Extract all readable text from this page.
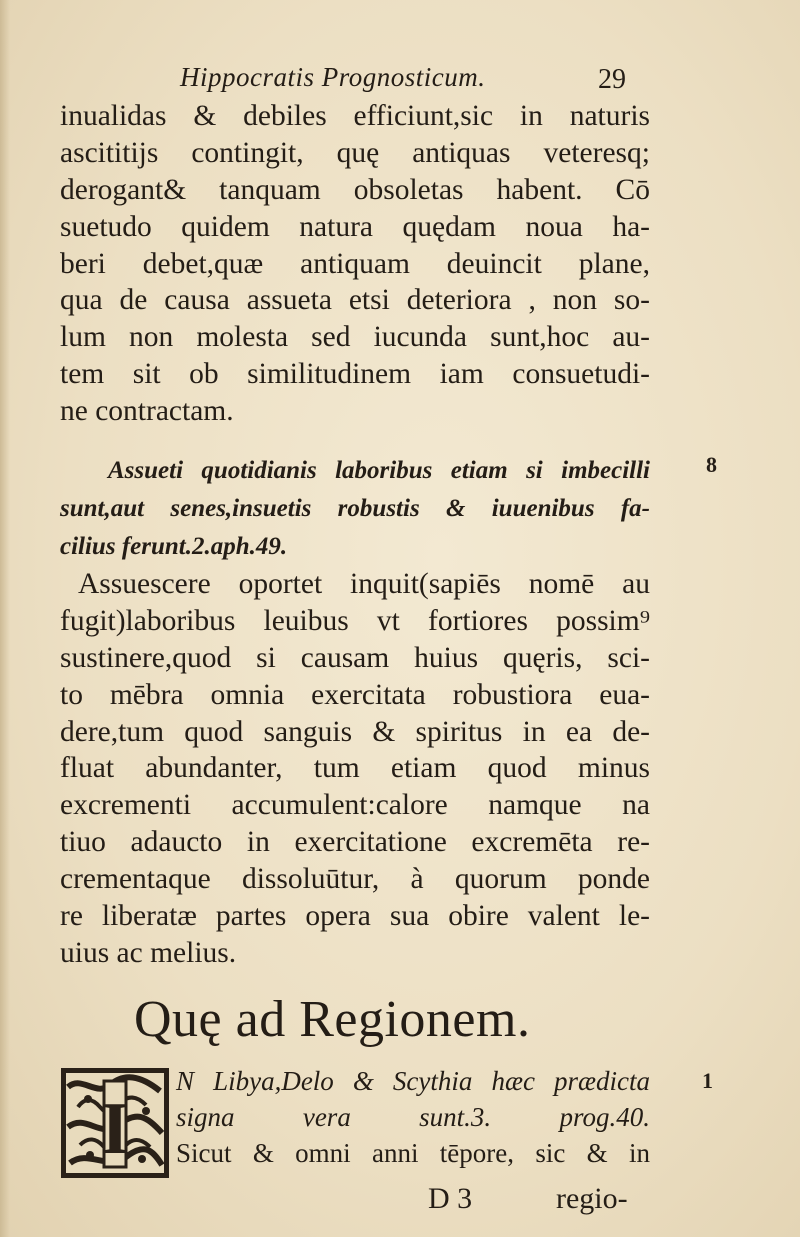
Hippocratis Prognosticum.	29
inualidas & debiles efficiunt,sic in naturis
ascititijs contingit, quę antiquas veteresq;
derogant& tanquam obsoletas habent. Cō
suetudo quidem natura quędam noua ha-
beri debet,quæ antiquam deuincit plane,
qua de causa assueta etsi deteriora , non so-
lum non molesta sed iucunda sunt,hoc au-
tem sit ob similitudinem iam consuetudi-
ne contractam.
Assueti quotidianis laboribus etiam si imbecilli
sunt,aut senes,insuetis robustis & iuuenibus fa-
cilius ferunt.2.aph.49.
8
Assuescere oportet inquit(sapiēs nomē au
fugit)laboribus leuibus vt fortiores possim⁹
sustinere,quod si causam huius quęris, sci-
to mēbra omnia exercitata robustiora eua-
dere,tum quod sanguis & spiritus in ea de-
fluat abundanter, tum etiam quod minus
excrementi accumulent:calore namque na
tiuo adaucto in exercitatione excremēta re-
crementaque dissoluūtur, à quorum ponde
re liberatæ partes opera sua obire valent le-
uius ac melius.
Quę ad Regionem.
I
N Libya,Delo & Scythia hæc prædicta
signa vera sunt.3. prog.40.
Sicut & omni anni tēpore, sic & in
1
D 3	regio-
